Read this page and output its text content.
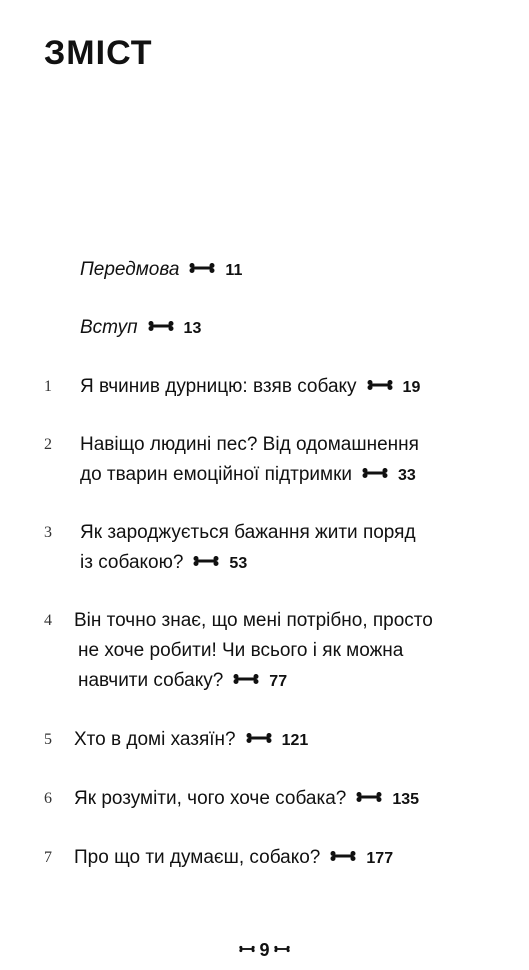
ЗМІСТ
Передмова	11
Вступ	13
1 Я вчинив дурницю: взяв собаку	19
2 Навіщо людині пес? Від одомашнення
до тварин емоційної підтримки	33
3 Як зароджується бажання жити поряд
із собакою?	53
4 Він точно знає, що мені потрібно, просто
не хоче робити! Чи всього і як можна
навчити собаку?	77
5 Хто в домі хазяїн?	121
6 Як розуміти, чого хоче собака?	135
7 Про що ти думаєш, собако?	177
9
